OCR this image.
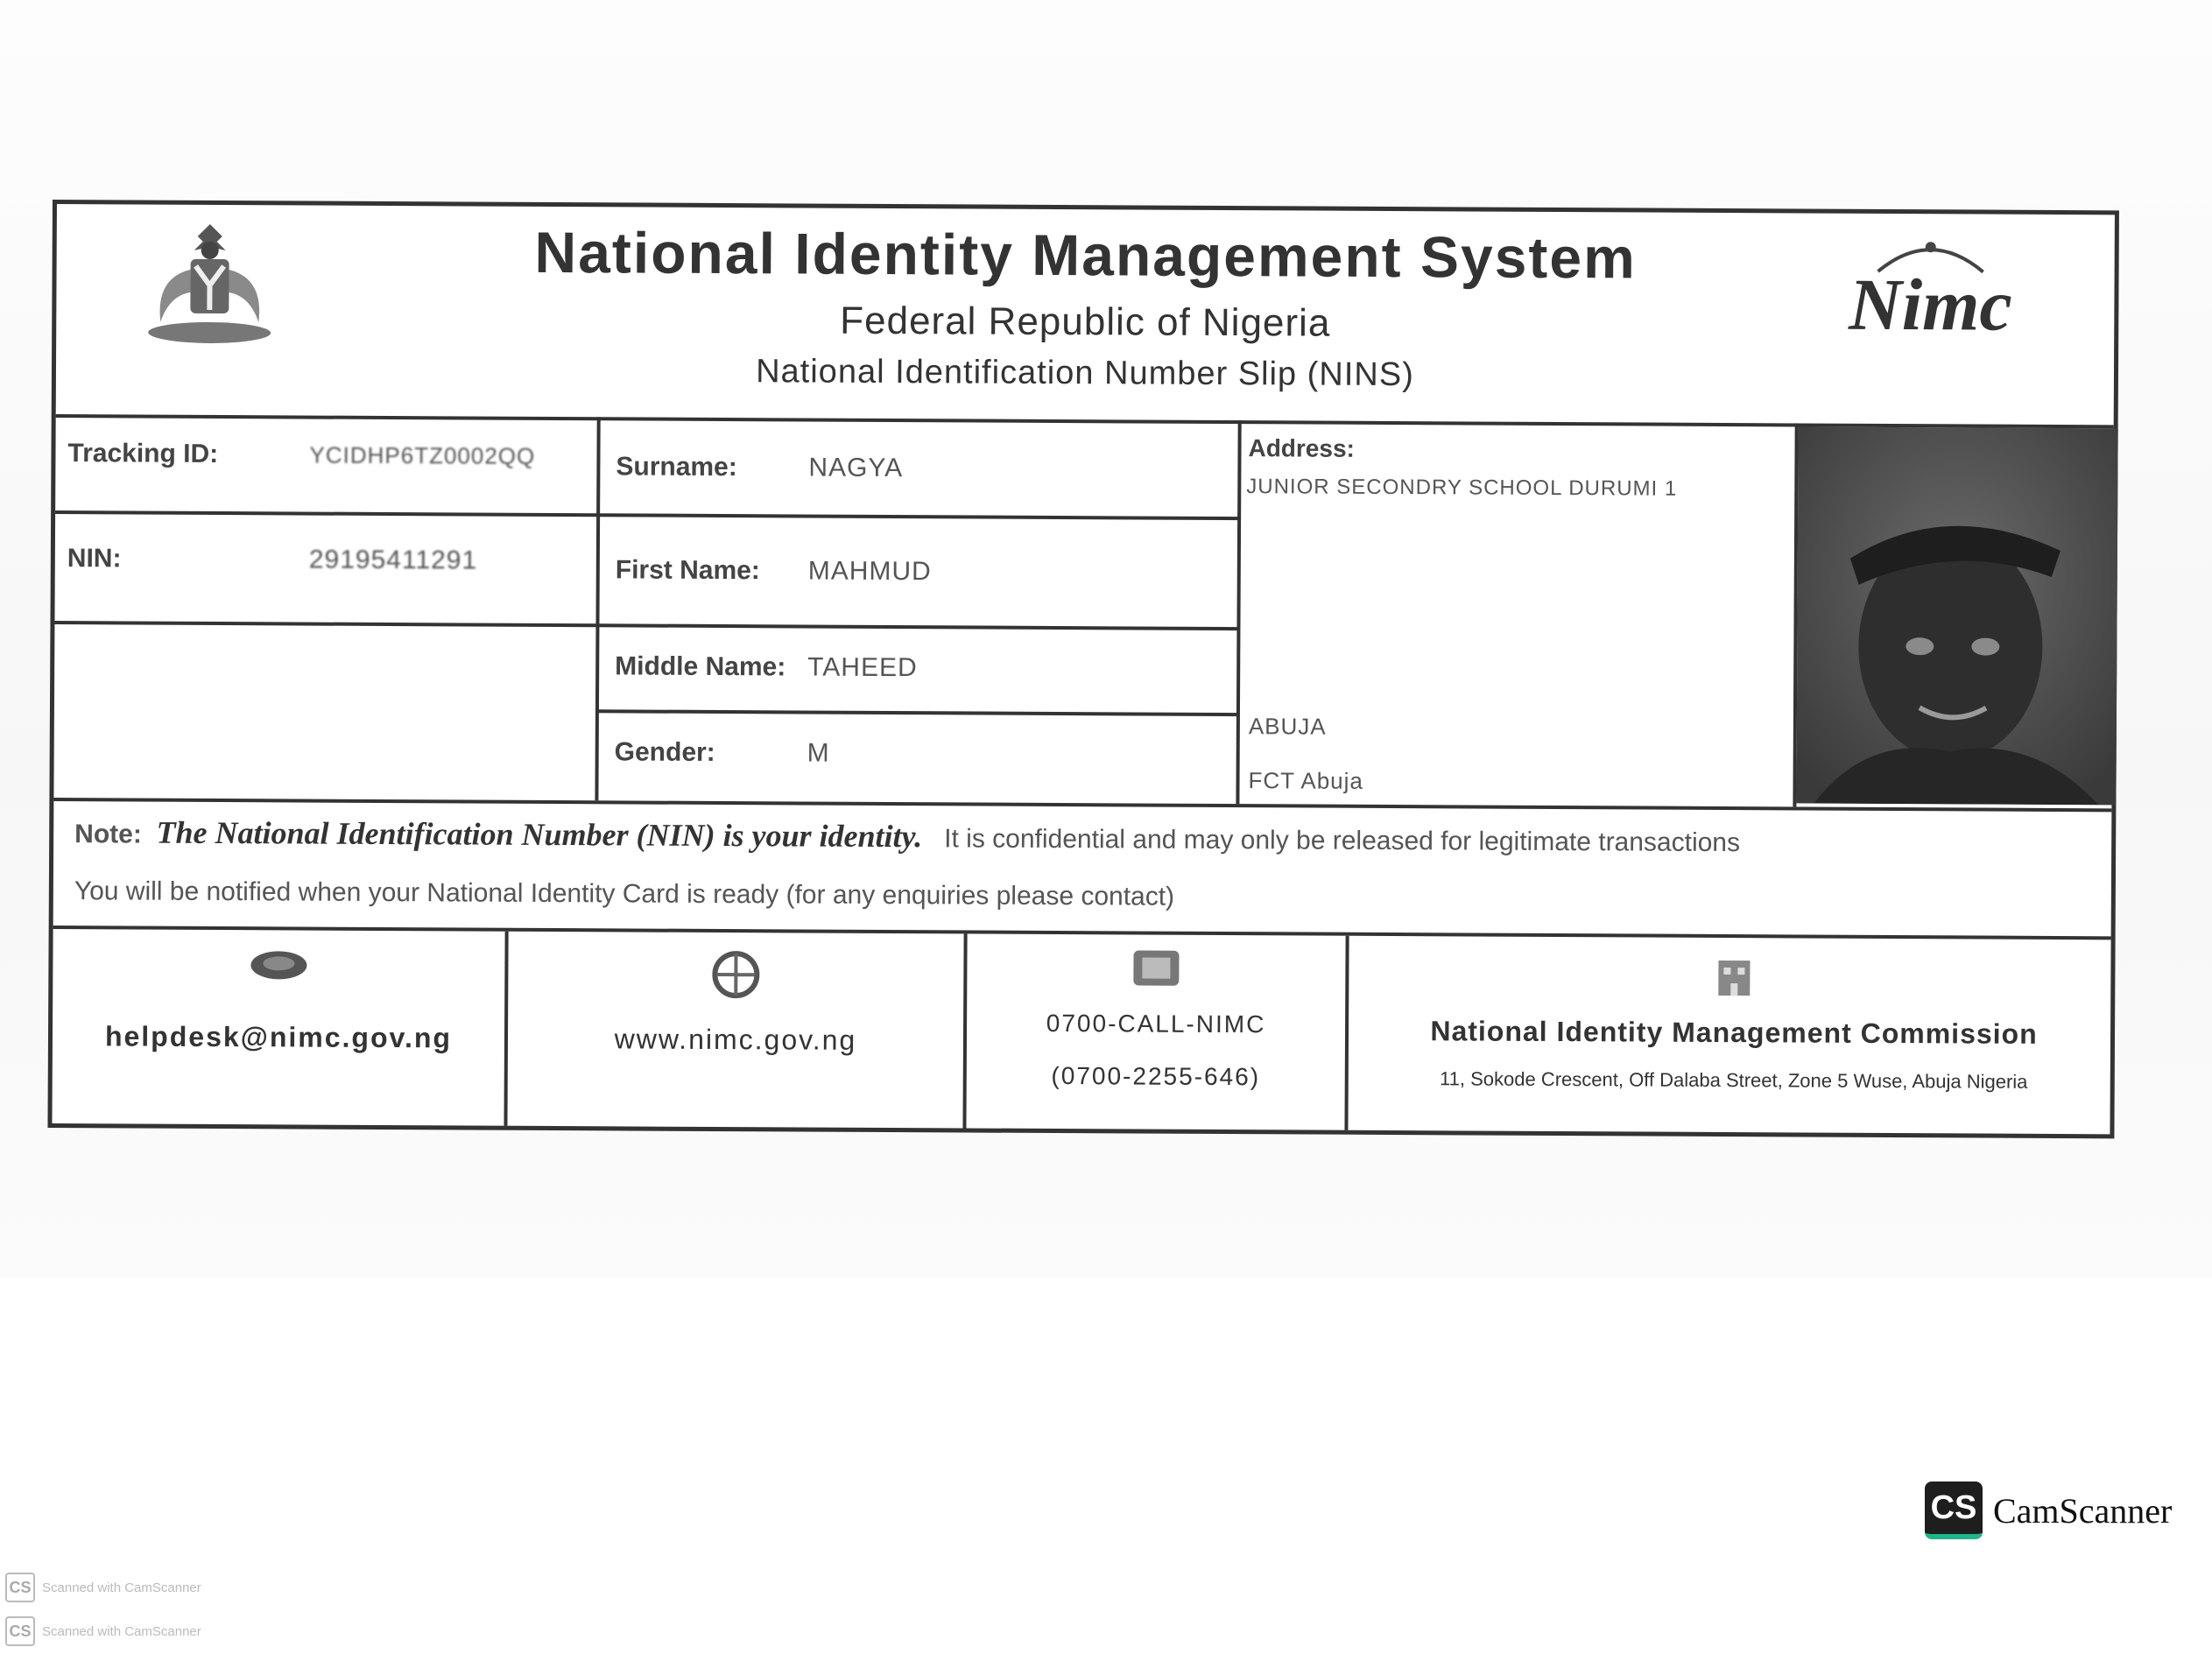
National Identity Management System
Federal Republic of Nigeria
National Identification Number Slip (NINS)
Nimc
Tracking ID:	YCIDHP6TZ0002QQ
NIN:	29195411291
Surname:	NAGYA
First Name: MAHMUD
Middle Name: TAHEED
Gender:	M
Address:
JUNIOR SECONDRY SCHOOL DURUMI 1
ABUJA
FCT Abuja
Note: The National Identification Number (NIN) is your identity. It is confidential and may only be released for legitimate transactions
You will be notified when your National Identity Card is ready (for any enquiries please contact)
helpdesk@nimc.gov.ng	www.nimc.gov.ng	0700-CALL-NIMC
(0700-2255-646)
National Identity Management Commission
11, Sokode Crescent, Off Dalaba Street, Zone 5 Wuse, Abuja Nigeria
CS CamScanner
CS Scanned with CamScanner
CS Scanned with CamScanner
